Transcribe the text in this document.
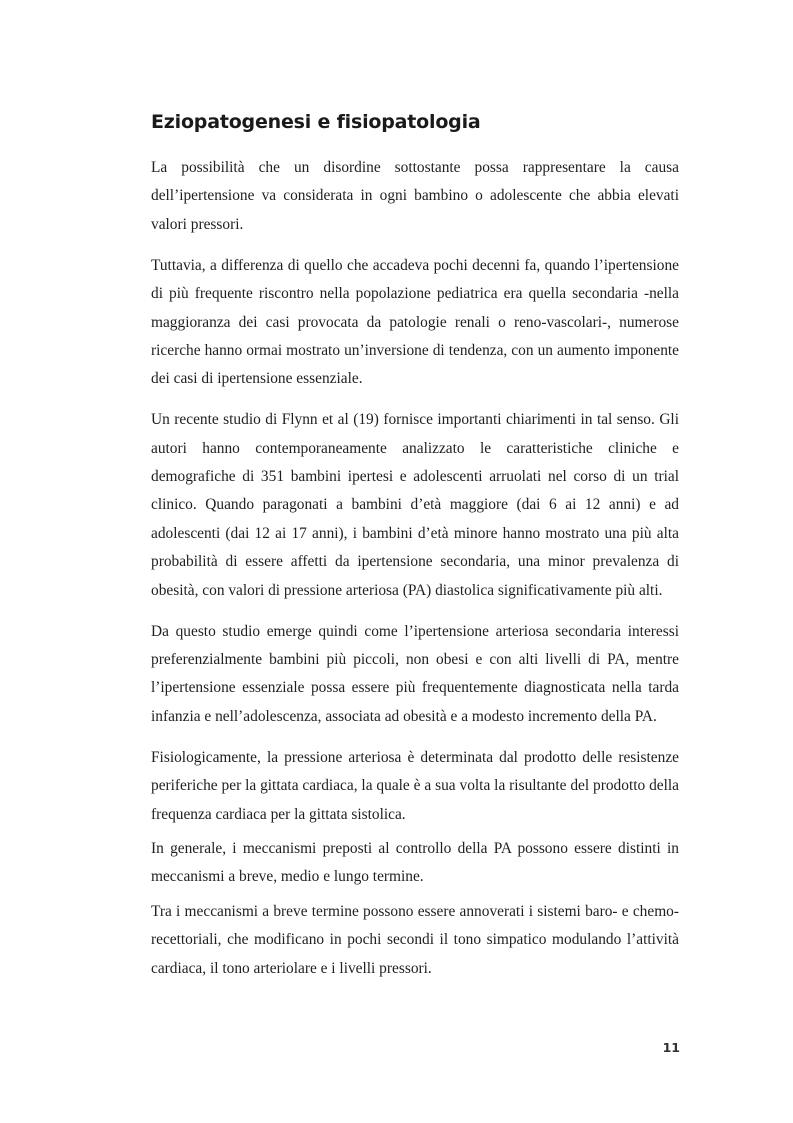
Eziopatogenesi e fisiopatologia

La possibilità che un disordine sottostante possa rappresentare la causa dell’ipertensione va considerata in ogni bambino o adolescente che abbia elevati valori pressori.

Tuttavia, a differenza di quello che accadeva pochi decenni fa, quando l’ipertensione di più frequente riscontro nella popolazione pediatrica era quella secondaria -nella maggioranza dei casi provocata da patologie renali o reno-vascolari-, numerose ricerche hanno ormai mostrato un’inversione di tendenza, con un aumento imponente dei casi di ipertensione essenziale.

Un recente studio di Flynn et al (19) fornisce importanti chiarimenti in tal senso. Gli autori hanno contemporaneamente analizzato le caratteristiche cliniche e demografiche di 351 bambini ipertesi e adolescenti arruolati nel corso di un trial clinico. Quando paragonati a bambini d’età maggiore (dai 6 ai 12 anni) e ad adolescenti (dai 12 ai 17 anni), i bambini d’età minore hanno mostrato una più alta probabilità di essere affetti da ipertensione secondaria, una minor prevalenza di obesità, con valori di pressione arteriosa (PA) diastolica significativamente più alti.

Da questo studio emerge quindi come l’ipertensione arteriosa secondaria interessi preferenzialmente bambini più piccoli, non obesi e con alti livelli di PA, mentre l’ipertensione essenziale possa essere più frequentemente diagnosticata nella tarda infanzia e nell’adolescenza, associata ad obesità e a modesto incremento della PA.

Fisiologicamente, la pressione arteriosa è determinata dal prodotto delle resistenze periferiche per la gittata cardiaca, la quale è a sua volta la risultante del prodotto della frequenza cardiaca per la gittata sistolica.

In generale, i meccanismi preposti al controllo della PA possono essere distinti in meccanismi a breve, medio e lungo termine.

Tra i meccanismi a breve termine possono essere annoverati i sistemi baro- e chemo-recettoriali, che modificano in pochi secondi il tono simpatico modulando l’attività cardiaca, il tono arteriolare e i livelli pressori.

11
